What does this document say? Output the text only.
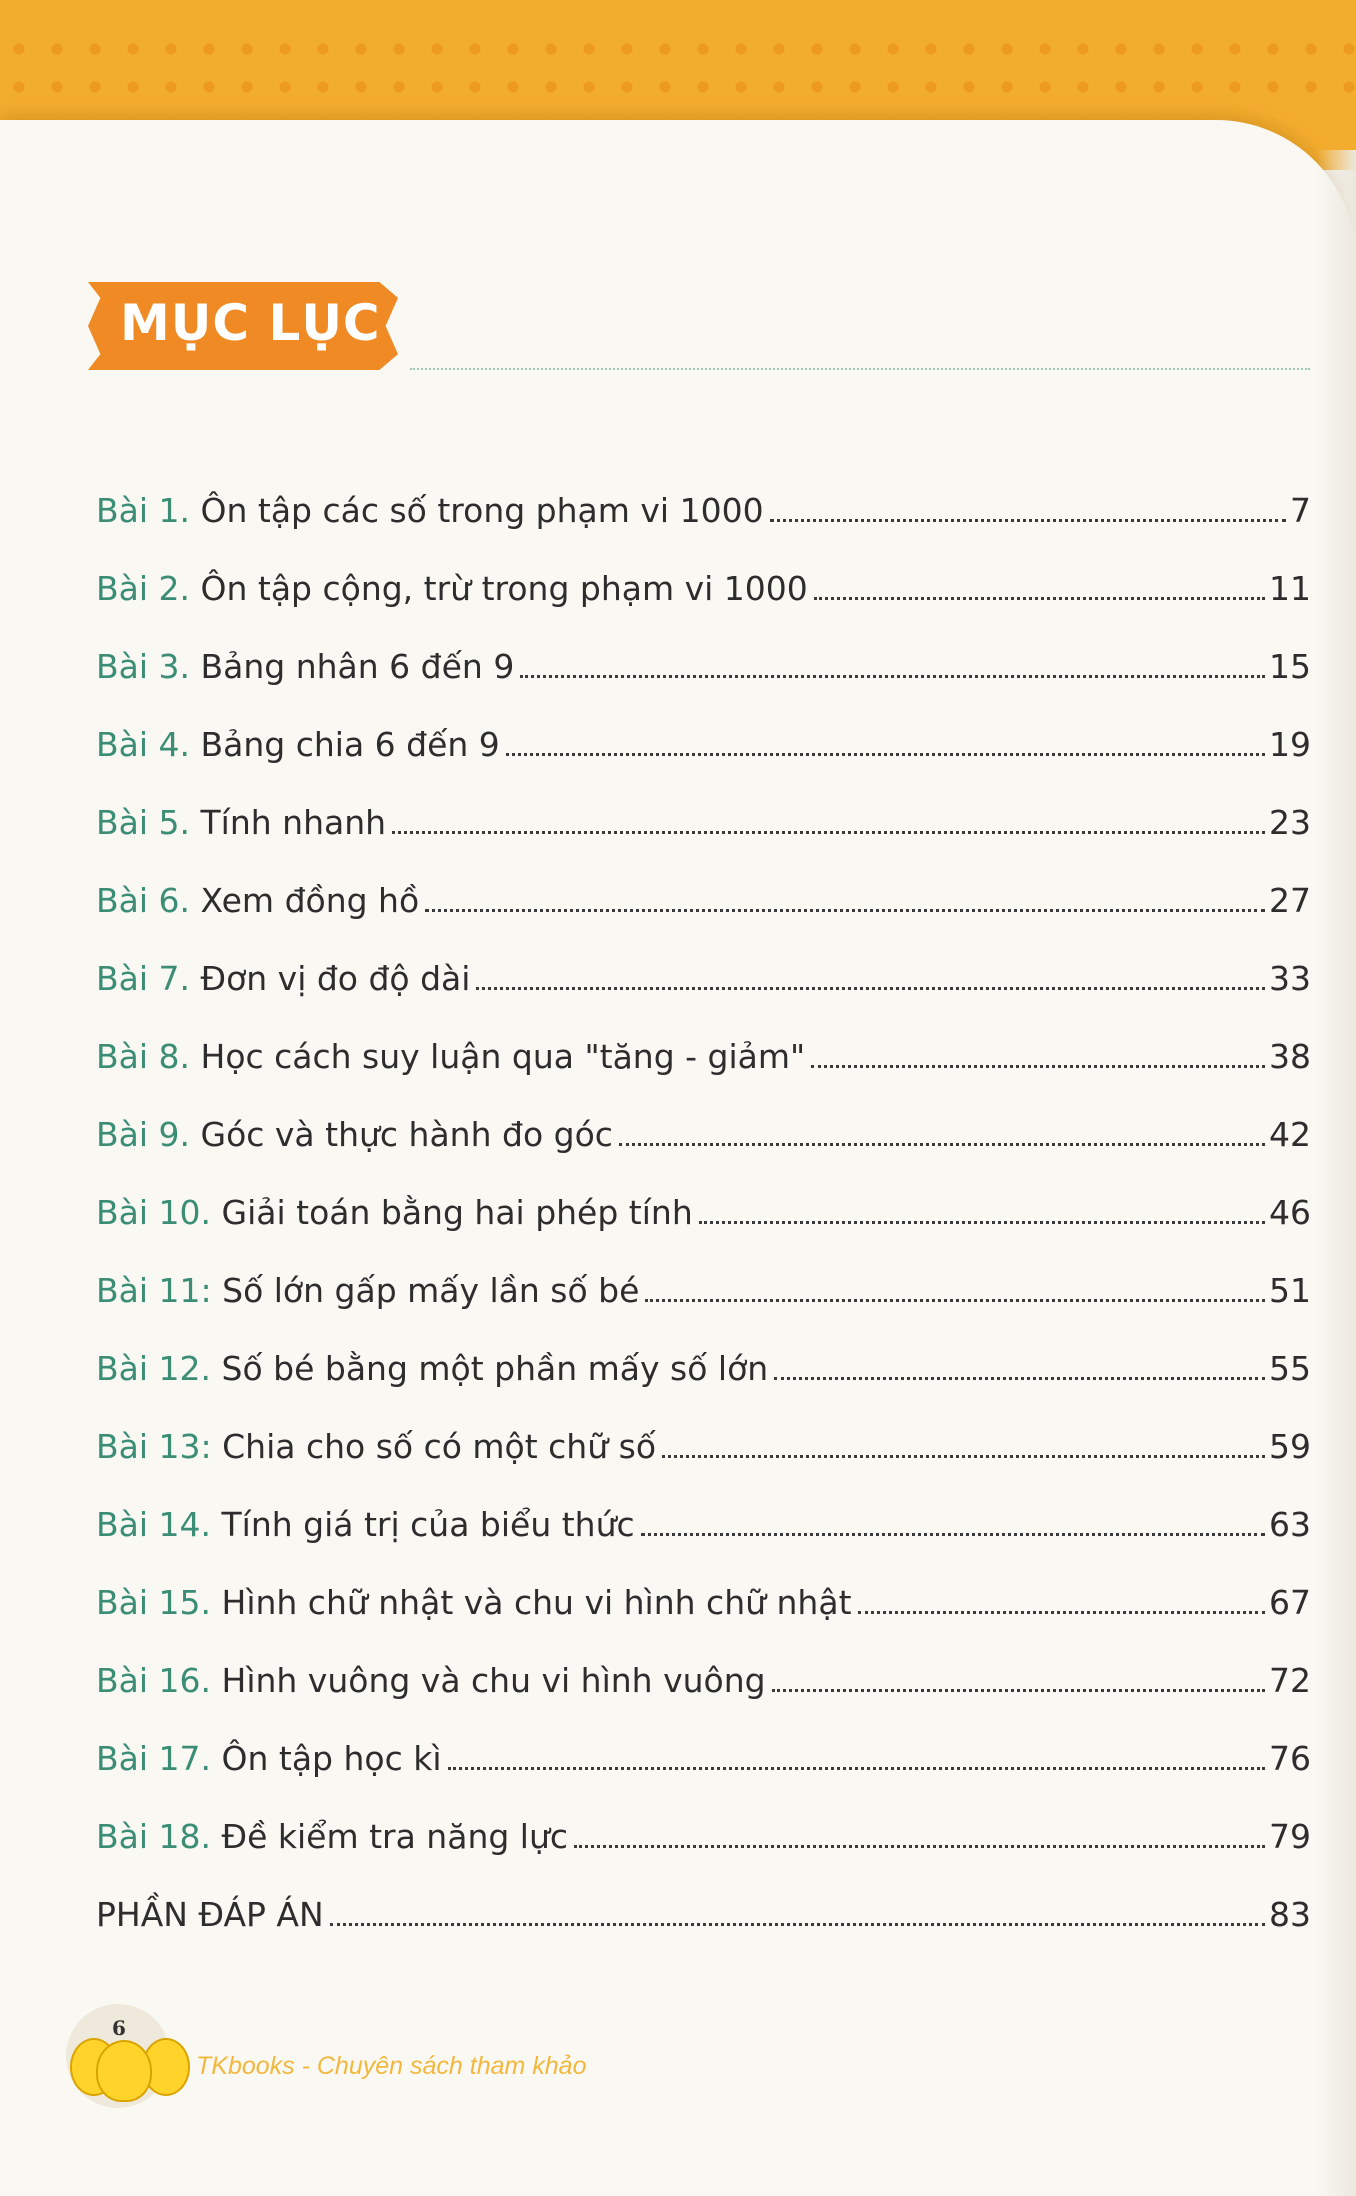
MỤC LỤC
Bài 1. Ôn tập các số trong phạm vi 1000	7
Bài 2. Ôn tập cộng, trừ trong phạm vi 1000	11
Bài 3. Bảng nhân 6 đến 9	15
Bài 4. Bảng chia 6 đến 9	19
Bài 5. Tính nhanh	23
Bài 6. Xem đồng hồ	27
Bài 7. Đơn vị đo độ dài	33
Bài 8. Học cách suy luận qua "tăng - giảm"	38
Bài 9. Góc và thực hành đo góc	42
Bài 10. Giải toán bằng hai phép tính	46
Bài 11: Số lớn gấp mấy lần số bé	51
Bài 12. Số bé bằng một phần mấy số lớn	55
Bài 13: Chia cho số có một chữ số	59
Bài 14. Tính giá trị của biểu thức	63
Bài 15. Hình chữ nhật và chu vi hình chữ nhật	67
Bài 16. Hình vuông và chu vi hình vuông	72
Bài 17. Ôn tập học kì	76
Bài 18. Đề kiểm tra năng lực	79
PHẦN ĐÁP ÁN	83
6
TKbooks - Chuyên sách tham khảo
